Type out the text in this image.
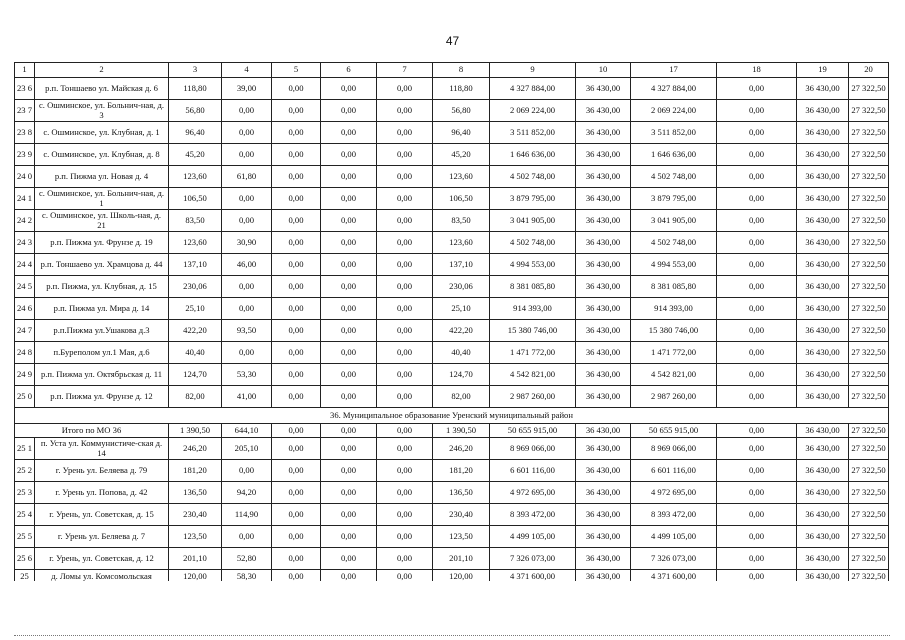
47
1	2	3	4	5	6	7	8	9	10	17	18	19	20
23 6	р.п. Тоншаево ул. Майская д. 6	118,80	39,00	0,00	0,00	0,00	118,80	4 327 884,00	36 430,00	4 327 884,00	0,00	36 430,00	27 322,50
23 7	с. Ошминское, ул. Больнич-ная, д. 3	56,80	0,00	0,00	0,00	0,00	56,80	2 069 224,00	36 430,00	2 069 224,00	0,00	36 430,00	27 322,50
23 8	с. Ошминское, ул. Клубная, д. 1	96,40	0,00	0,00	0,00	0,00	96,40	3 511 852,00	36 430,00	3 511 852,00	0,00	36 430,00	27 322,50
23 9	с. Ошминское, ул. Клубная, д. 8	45,20	0,00	0,00	0,00	0,00	45,20	1 646 636,00	36 430,00	1 646 636,00	0,00	36 430,00	27 322,50
24 0	р.п. Пижма ул. Новая д. 4	123,60	61,80	0,00	0,00	0,00	123,60	4 502 748,00	36 430,00	4 502 748,00	0,00	36 430,00	27 322,50
24 1	с. Ошминское, ул. Больнич-ная, д. 1	106,50	0,00	0,00	0,00	0,00	106,50	3 879 795,00	36 430,00	3 879 795,00	0,00	36 430,00	27 322,50
24 2	с. Ошминское, ул. Школь-ная, д. 21	83,50	0,00	0,00	0,00	0,00	83,50	3 041 905,00	36 430,00	3 041 905,00	0,00	36 430,00	27 322,50
24 3	р.п. Пижма ул. Фрунзе д. 19	123,60	30,90	0,00	0,00	0,00	123,60	4 502 748,00	36 430,00	4 502 748,00	0,00	36 430,00	27 322,50
24 4	р.п. Тоншаево ул. Храмцова д. 44	137,10	46,00	0,00	0,00	0,00	137,10	4 994 553,00	36 430,00	4 994 553,00	0,00	36 430,00	27 322,50
24 5	р.п. Пижма, ул. Клубная, д. 15	230,06	0,00	0,00	0,00	0,00	230,06	8 381 085,80	36 430,00	8 381 085,80	0,00	36 430,00	27 322,50
24 6	р.п. Пижма ул. Мира д. 14	25,10	0,00	0,00	0,00	0,00	25,10	914 393,00	36 430,00	914 393,00	0,00	36 430,00	27 322,50
24 7	р.п.Пижма ул.Ушакова д.3	422,20	93,50	0,00	0,00	0,00	422,20	15 380 746,00	36 430,00	15 380 746,00	0,00	36 430,00	27 322,50
24 8	п.Буреполом ул.1 Мая, д.6	40,40	0,00	0,00	0,00	0,00	40,40	1 471 772,00	36 430,00	1 471 772,00	0,00	36 430,00	27 322,50
24 9	р.п. Пижма ул. Октябрьская д. 11	124,70	53,30	0,00	0,00	0,00	124,70	4 542 821,00	36 430,00	4 542 821,00	0,00	36 430,00	27 322,50
25 0	р.п. Пижма ул. Фрунзе д. 12	82,00	41,00	0,00	0,00	0,00	82,00	2 987 260,00	36 430,00	2 987 260,00	0,00	36 430,00	27 322,50
36. Муниципальное образование Уренский муниципальный район													
Итого по МО 36		1 390,50	644,10	0,00	0,00	0,00	1 390,50	50 655 915,00	36 430,00	50 655 915,00	0,00	36 430,00	27 322,50
25 1	п. Уста ул. Коммунистиче-ская д. 14	246,20	205,10	0,00	0,00	0,00	246,20	8 969 066,00	36 430,00	8 969 066,00	0,00	36 430,00	27 322,50
25 2	г. Урень ул. Беляева д. 79	181,20	0,00	0,00	0,00	0,00	181,20	6 601 116,00	36 430,00	6 601 116,00	0,00	36 430,00	27 322,50
25 3	г. Урень ул. Попова, д. 42	136,50	94,20	0,00	0,00	0,00	136,50	4 972 695,00	36 430,00	4 972 695,00	0,00	36 430,00	27 322,50
25 4	г. Урень, ул. Советская, д. 15	230,40	114,90	0,00	0,00	0,00	230,40	8 393 472,00	36 430,00	8 393 472,00	0,00	36 430,00	27 322,50
25 5	г. Урень ул. Беляева д. 7	123,50	0,00	0,00	0,00	0,00	123,50	4 499 105,00	36 430,00	4 499 105,00	0,00	36 430,00	27 322,50
25 6	г. Урень, ул. Советская, д. 12	201,10	52,80	0,00	0,00	0,00	201,10	7 326 073,00	36 430,00	7 326 073,00	0,00	36 430,00	27 322,50
25	д. Ломы ул. Комсомольская	120,00	58,30	0,00	0,00	0,00	120,00	4 371 600,00	36 430,00	4 371 600,00	0,00	36 430,00	27 322,50
